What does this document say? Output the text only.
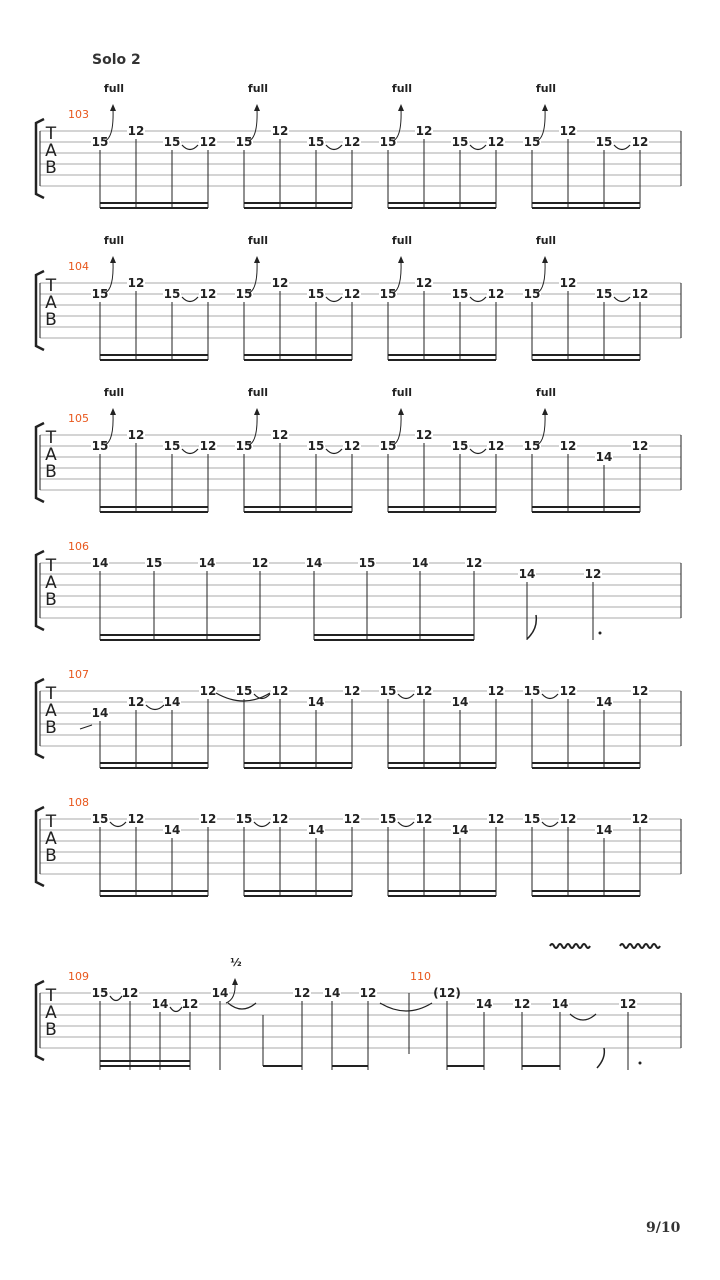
Solo 2
T
A
B
103
15
12
15 12 15
12
15 12 15
12
15 12 15
12
15 12
full	full	full	full
T
A
B
104
15
12
15 12 15
12
15 12 15
12
15 12 15
12
15 12
full	full	full	full
T
A
B
105
15
12
15 12 15
12
15 12 15
12
15 12 15 12
14
12
full	full	full	full
T
A
B
106
14	15	14	12	14	15	14	12
14	12
T
A
B
107
14
12 14
12 15 12
14
12 15 12
14
12 15 12
14
12
T
A
B
108
15 12
14
12 15 12
14
12 15 12
14
12 15 12
14
12
T
A
B
109	110
15 12
14 12
14	12 14 12	(12)
14 12 14	12
½
9/10
